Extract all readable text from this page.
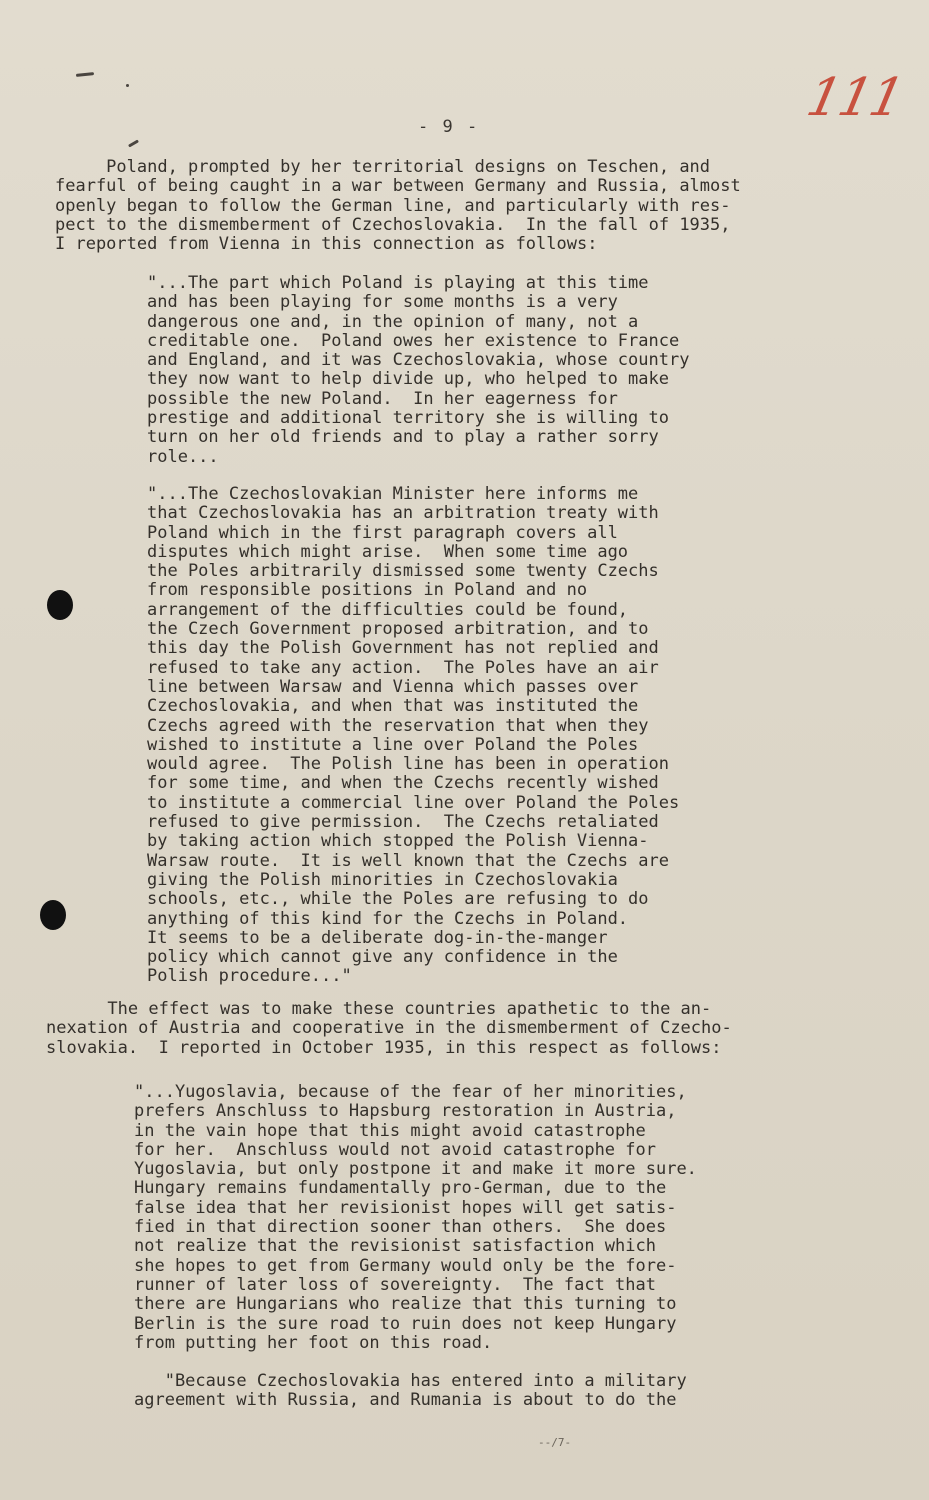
111
- 9 -
Poland, prompted by her territorial designs on Teschen, and
fearful of being caught in a war between Germany and Russia, almost
openly began to follow the German line, and particularly with res-
pect to the dismemberment of Czechoslovakia.  In the fall of 1935,
I reported from Vienna in this connection as follows:
"...The part which Poland is playing at this time
and has been playing for some months is a very
dangerous one and, in the opinion of many, not a
creditable one.  Poland owes her existence to France
and England, and it was Czechoslovakia, whose country
they now want to help divide up, who helped to make
possible the new Poland.  In her eagerness for
prestige and additional territory she is willing to
turn on her old friends and to play a rather sorry
role...
"...The Czechoslovakian Minister here informs me
that Czechoslovakia has an arbitration treaty with
Poland which in the first paragraph covers all
disputes which might arise.  When some time ago
the Poles arbitrarily dismissed some twenty Czechs
from responsible positions in Poland and no
arrangement of the difficulties could be found,
the Czech Government proposed arbitration, and to
this day the Polish Government has not replied and
refused to take any action.  The Poles have an air
line between Warsaw and Vienna which passes over
Czechoslovakia, and when that was instituted the
Czechs agreed with the reservation that when they
wished to institute a line over Poland the Poles
would agree.  The Polish line has been in operation
for some time, and when the Czechs recently wished
to institute a commercial line over Poland the Poles
refused to give permission.  The Czechs retaliated
by taking action which stopped the Polish Vienna-
Warsaw route.  It is well known that the Czechs are
giving the Polish minorities in Czechoslovakia
schools, etc., while the Poles are refusing to do
anything of this kind for the Czechs in Poland.
It seems to be a deliberate dog-in-the-manger
policy which cannot give any confidence in the
Polish procedure..."
The effect was to make these countries apathetic to the an-
nexation of Austria and cooperative in the dismemberment of Czecho-
slovakia.  I reported in October 1935, in this respect as follows:
"...Yugoslavia, because of the fear of her minorities,
prefers Anschluss to Hapsburg restoration in Austria,
in the vain hope that this might avoid catastrophe
for her.  Anschluss would not avoid catastrophe for
Yugoslavia, but only postpone it and make it more sure.
Hungary remains fundamentally pro-German, due to the
false idea that her revisionist hopes will get satis-
fied in that direction sooner than others.  She does
not realize that the revisionist satisfaction which
she hopes to get from Germany would only be the fore-
runner of later loss of sovereignty.  The fact that
there are Hungarians who realize that this turning to
Berlin is the sure road to ruin does not keep Hungary
from putting her foot on this road.
"Because Czechoslovakia has entered into a military
agreement with Russia, and Rumania is about to do the
--/7-
